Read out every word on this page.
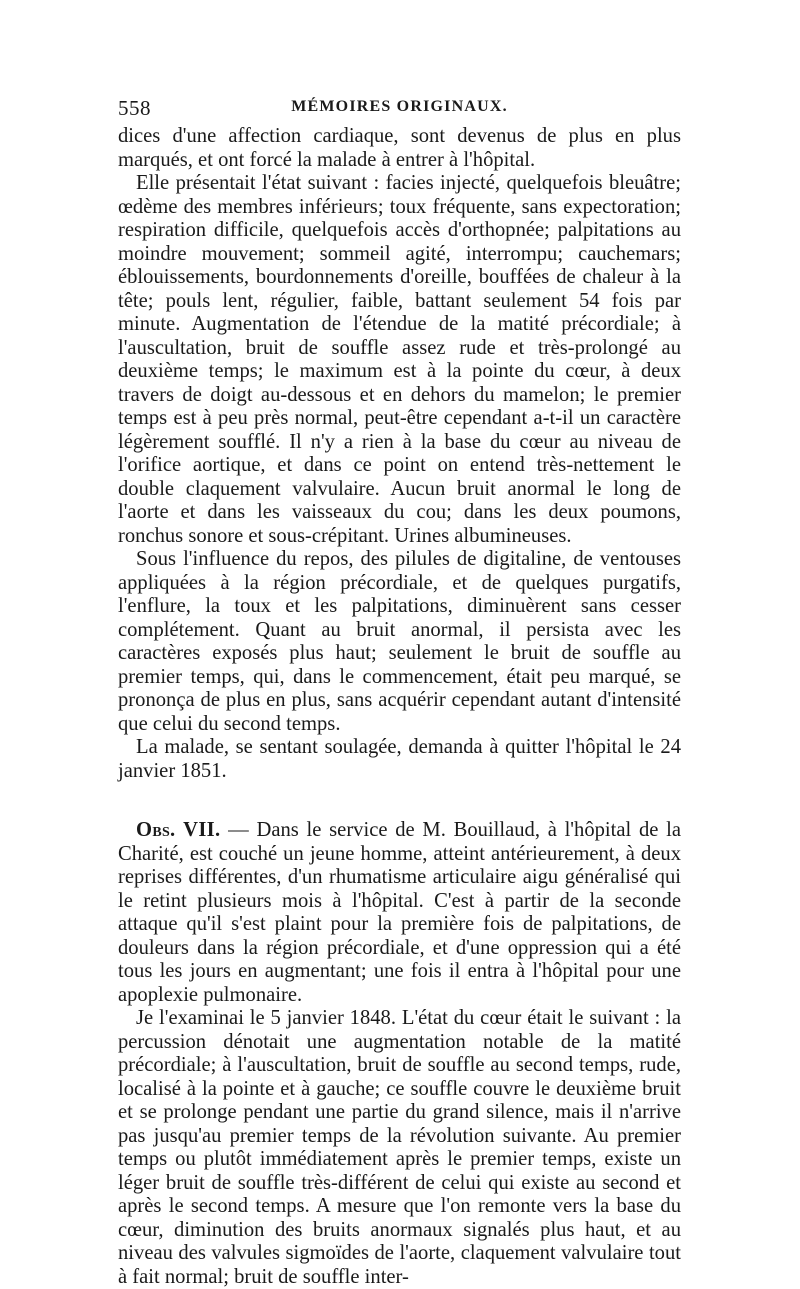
558	MÉMOIRES ORIGINAUX.

dices d'une affection cardiaque, sont devenus de plus en plus marqués, et ont forcé la malade à entrer à l'hôpital.

Elle présentait l'état suivant : facies injecté, quelquefois bleuâtre; œdème des membres inférieurs; toux fréquente, sans expectoration; respiration difficile, quelquefois accès d'orthopnée; palpitations au moindre mouvement; sommeil agité, interrompu; cauchemars; éblouissements, bourdonnements d'oreille, bouffées de chaleur à la tête; pouls lent, régulier, faible, battant seulement 54 fois par minute. Augmentation de l'étendue de la matité précordiale; à l'auscultation, bruit de souffle assez rude et très-prolongé au deuxième temps; le maximum est à la pointe du cœur, à deux travers de doigt au-dessous et en dehors du mamelon; le premier temps est à peu près normal, peut-être cependant a-t-il un caractère légèrement soufflé. Il n'y a rien à la base du cœur au niveau de l'orifice aortique, et dans ce point on entend très-nettement le double claquement valvulaire. Aucun bruit anormal le long de l'aorte et dans les vaisseaux du cou; dans les deux poumons, ronchus sonore et sous-crépitant. Urines albumineuses.

Sous l'influence du repos, des pilules de digitaline, de ventouses appliquées à la région précordiale, et de quelques purgatifs, l'enflure, la toux et les palpitations, diminuèrent sans cesser complétement. Quant au bruit anormal, il persista avec les caractères exposés plus haut; seulement le bruit de souffle au premier temps, qui, dans le commencement, était peu marqué, se prononça de plus en plus, sans acquérir cependant autant d'intensité que celui du second temps.

La malade, se sentant soulagée, demanda à quitter l'hôpital le 24 janvier 1851.

Obs. VII. — Dans le service de M. Bouillaud, à l'hôpital de la Charité, est couché un jeune homme, atteint antérieurement, à deux reprises différentes, d'un rhumatisme articulaire aigu généralisé qui le retint plusieurs mois à l'hôpital. C'est à partir de la seconde attaque qu'il s'est plaint pour la première fois de palpitations, de douleurs dans la région précordiale, et d'une oppression qui a été tous les jours en augmentant; une fois il entra à l'hôpital pour une apoplexie pulmonaire.

Je l'examinai le 5 janvier 1848. L'état du cœur était le suivant : la percussion dénotait une augmentation notable de la matité précordiale; à l'auscultation, bruit de souffle au second temps, rude, localisé à la pointe et à gauche; ce souffle couvre le deuxième bruit et se prolonge pendant une partie du grand silence, mais il n'arrive pas jusqu'au premier temps de la révolution suivante. Au premier temps ou plutôt immédiatement après le premier temps, existe un léger bruit de souffle très-différent de celui qui existe au second et après le second temps. A mesure que l'on remonte vers la base du cœur, diminution des bruits anormaux signalés plus haut, et au niveau des valvules sigmoïdes de l'aorte, claquement valvulaire tout à fait normal; bruit de souffle inter-
